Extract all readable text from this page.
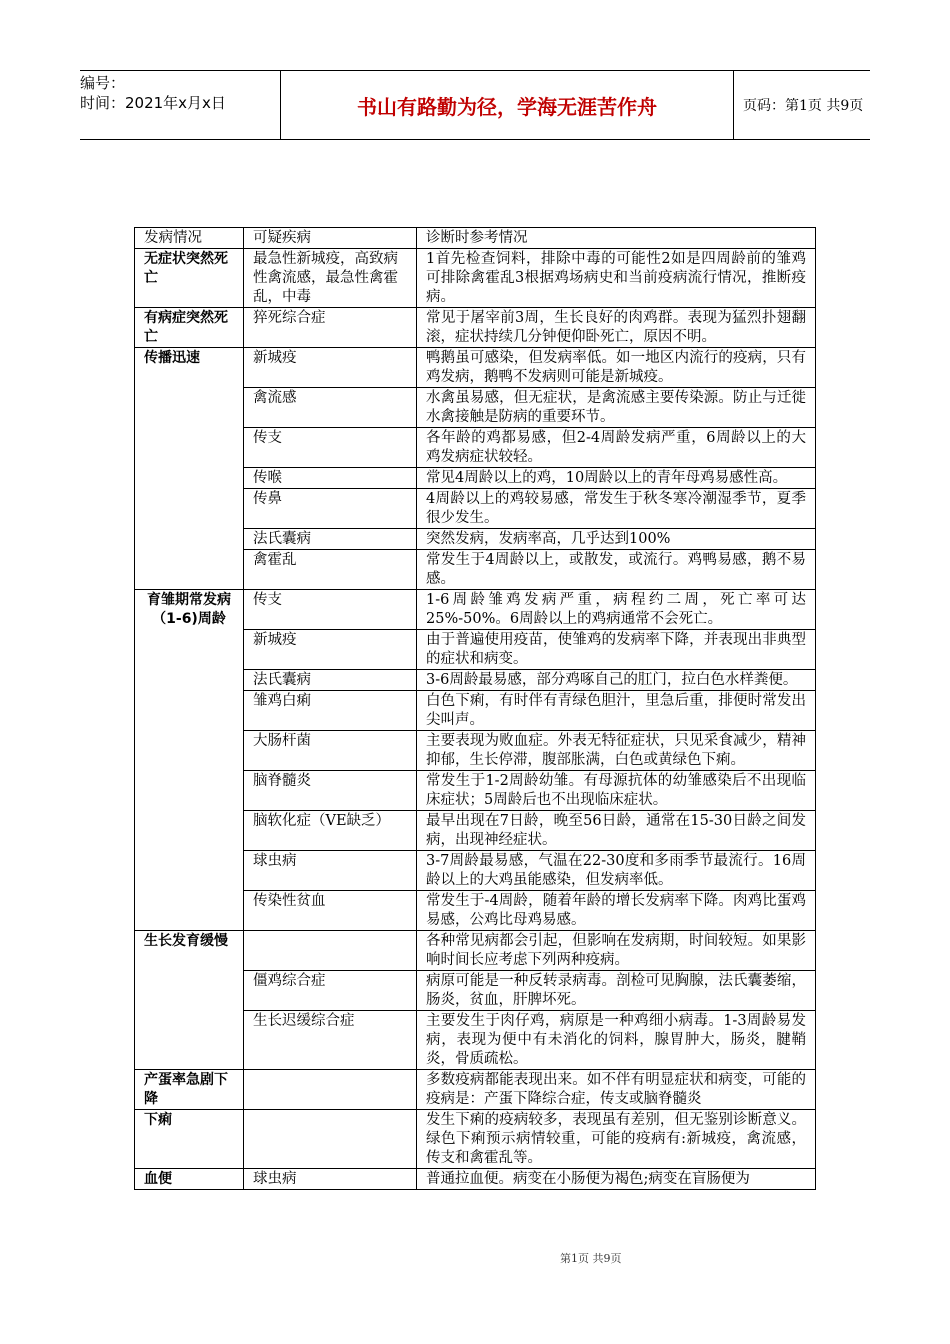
编号：
时间：2021年x月x日	书山有路勤为径，学海无涯苦作舟	页码：第1页 共9页
发病情况	可疑疾病	诊断时参考情况
无症状突然死亡	最急性新城疫，高致病性禽流感，最急性禽霍乱，中毒	1首先检查饲料，排除中毒的可能性2如是四周龄前的雏鸡可排除禽霍乱3根据鸡场病史和当前疫病流行情况，推断疫病。
有病症突然死亡	猝死综合症	常见于屠宰前3周，生长良好的肉鸡群。表现为猛烈扑翅翻滚，症状持续几分钟便仰卧死亡，原因不明。
传播迅速	新城疫	鸭鹅虽可感染，但发病率低。如一地区内流行的疫病，只有鸡发病，鹅鸭不发病则可能是新城疫。
	禽流感	水禽虽易感，但无症状，是禽流感主要传染源。防止与迁徙水禽接触是防病的重要环节。
	传支	各年龄的鸡都易感，但2-4周龄发病严重，6周龄以上的大鸡发病症状较轻。
	传喉	常见4周龄以上的鸡，10周龄以上的青年母鸡易感性高。
	传鼻	4周龄以上的鸡较易感，常发生于秋冬寒冷潮湿季节，夏季很少发生。
	法氏囊病	突然发病，发病率高，几乎达到100%
	禽霍乱	常发生于4周龄以上，或散发，或流行。鸡鸭易感，鹅不易感。
育雏期常发病（1-6)周龄	传支	1-6周龄雏鸡发病严重，病程约二周，死亡率可达25%-50%。6周龄以上的鸡病通常不会死亡。
	新城疫	由于普遍使用疫苗，使雏鸡的发病率下降，并表现出非典型的症状和病变。
	法氏囊病	3-6周龄最易感，部分鸡啄自己的肛门，拉白色水样粪便。
	雏鸡白痢	白色下痢，有时伴有青绿色胆汁，里急后重，排便时常发出尖叫声。
	大肠杆菌	主要表现为败血症。外表无特征症状，只见采食减少，精神抑郁，生长停滞，腹部胀满，白色或黄绿色下痢。
	脑脊髓炎	常发生于1-2周龄幼雏。有母源抗体的幼雏感染后不出现临床症状；5周龄后也不出现临床症状。
	脑软化症（VE缺乏）	最早出现在7日龄，晚至56日龄，通常在15-30日龄之间发病，出现神经症状。
	球虫病	3-7周龄最易感，气温在22-30度和多雨季节最流行。16周龄以上的大鸡虽能感染，但发病率低。
	传染性贫血	常发生于-4周龄，随着年龄的增长发病率下降。肉鸡比蛋鸡易感，公鸡比母鸡易感。
生长发育缓慢		各种常见病都会引起，但影响在发病期，时间较短。如果影响时间长应考虑下列两种疫病。
	僵鸡综合症	病原可能是一种反转录病毒。剖检可见胸腺，法氏囊萎缩，肠炎，贫血，肝脾坏死。
	生长迟缓综合症	主要发生于肉仔鸡，病原是一种鸡细小病毒。1-3周龄易发病，表现为便中有未消化的饲料，腺胃肿大，肠炎，腱鞘炎，骨质疏松。
产蛋率急剧下降		多数疫病都能表现出来。如不伴有明显症状和病变，可能的疫病是：产蛋下降综合症，传支或脑脊髓炎
下痢		发生下痢的疫病较多，表现虽有差别，但无鉴别诊断意义。绿色下痢预示病情较重，可能的疫病有:新城疫，禽流感，传支和禽霍乱等。
血便	球虫病	普通拉血便。病变在小肠便为褐色;病变在盲肠便为
第1页 共9页
